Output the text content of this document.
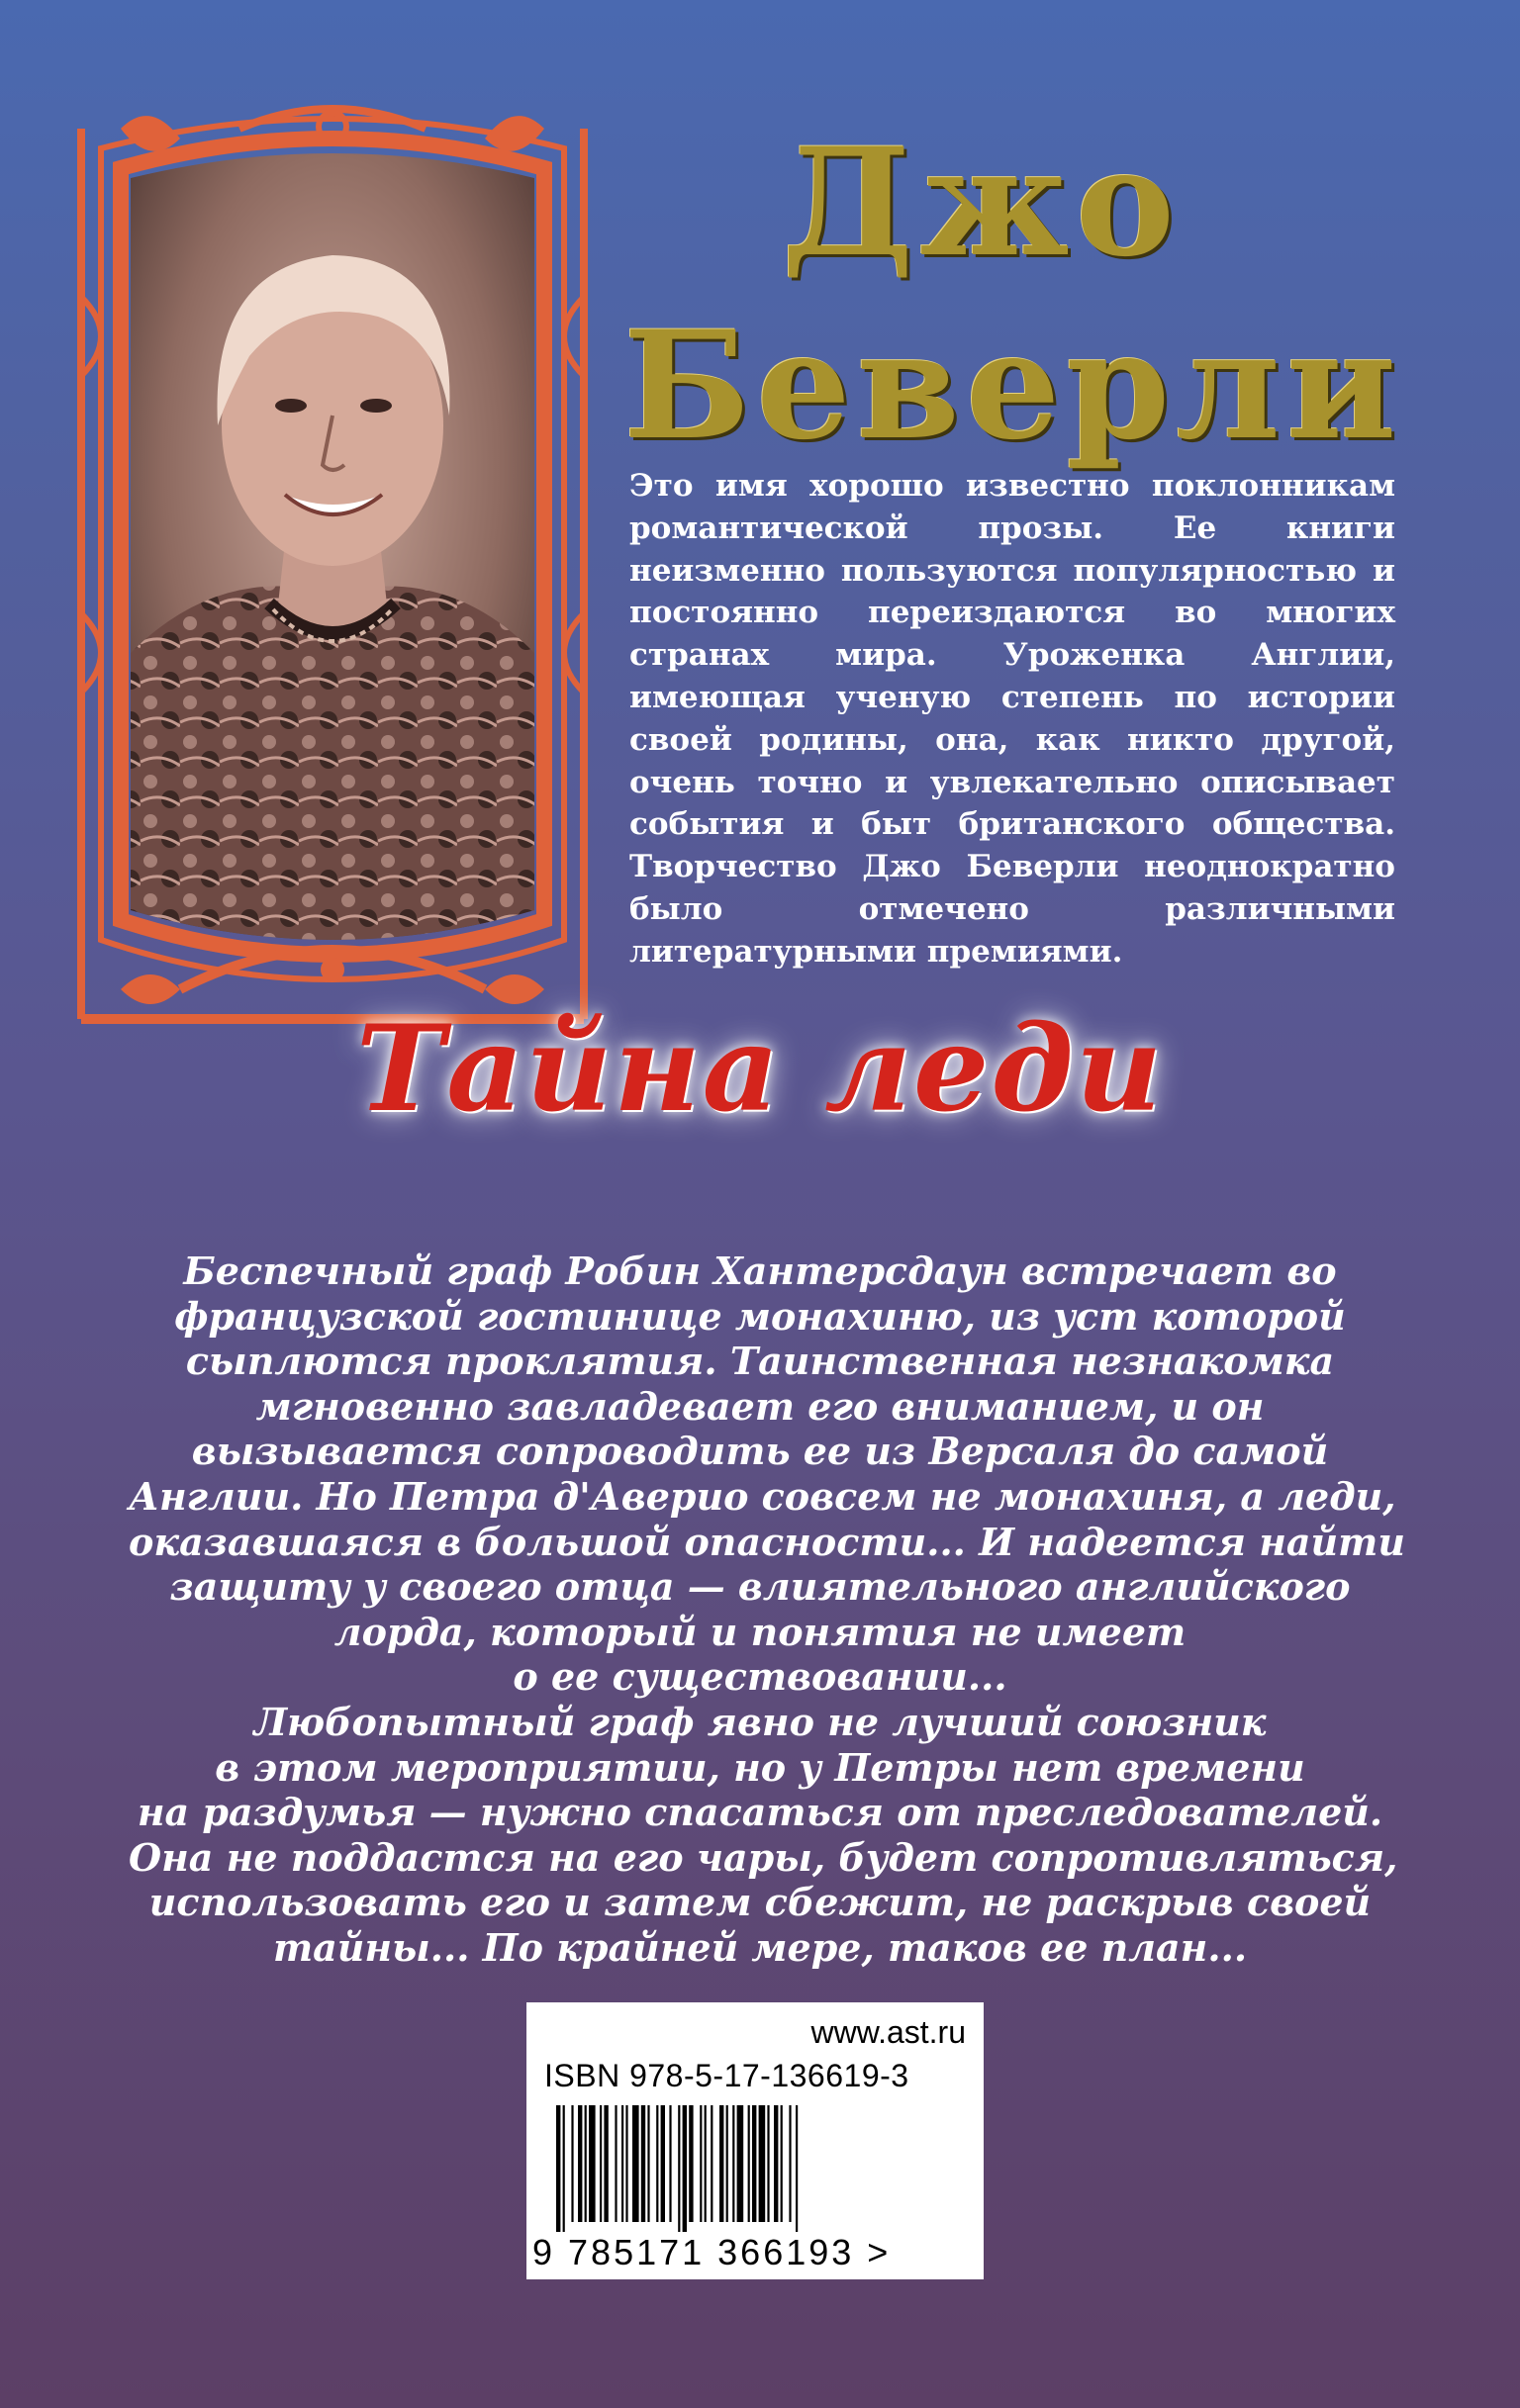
Джо
Беверли

Это имя хорошо известно поклонникам романтической прозы. Ее книги неизменно пользуются популярностью и постоянно переиздаются во многих странах мира. Уроженка Англии, имеющая ученую степень по истории своей родины, она, как никто другой, очень точно и увлекательно описывает события и быт британского общества. Творчество Джо Беверли неоднократно было отмечено различными литературными премиями.

Тайна леди
Беспечный граф Робин Хантерсдаун встречает во
французской гостинице монахиню, из уст которой
сыплются проклятия. Таинственная незнакомка
мгновенно завладевает его вниманием, и он
вызывается сопроводить ее из Версаля до самой
Англии. Но Петра д'Аверио совсем не монахиня, а леди,
оказавшаяся в большой опасности... И надеется найти
защиту у своего отца — влиятельного английского
лорда, который и понятия не имеет
о ее существовании...
Любопытный граф явно не лучший союзник
в этом мероприятии, но у Петры нет времени
на раздумья — нужно спасаться от преследователей.
Она не поддастся на его чары, будет сопротивляться,
использовать его и затем сбежит, не раскрыв своей
тайны... По крайней мере, таков ее план...
www.ast.ru
ISBN 978-5-17-136619-3
9 785171 366193 >
